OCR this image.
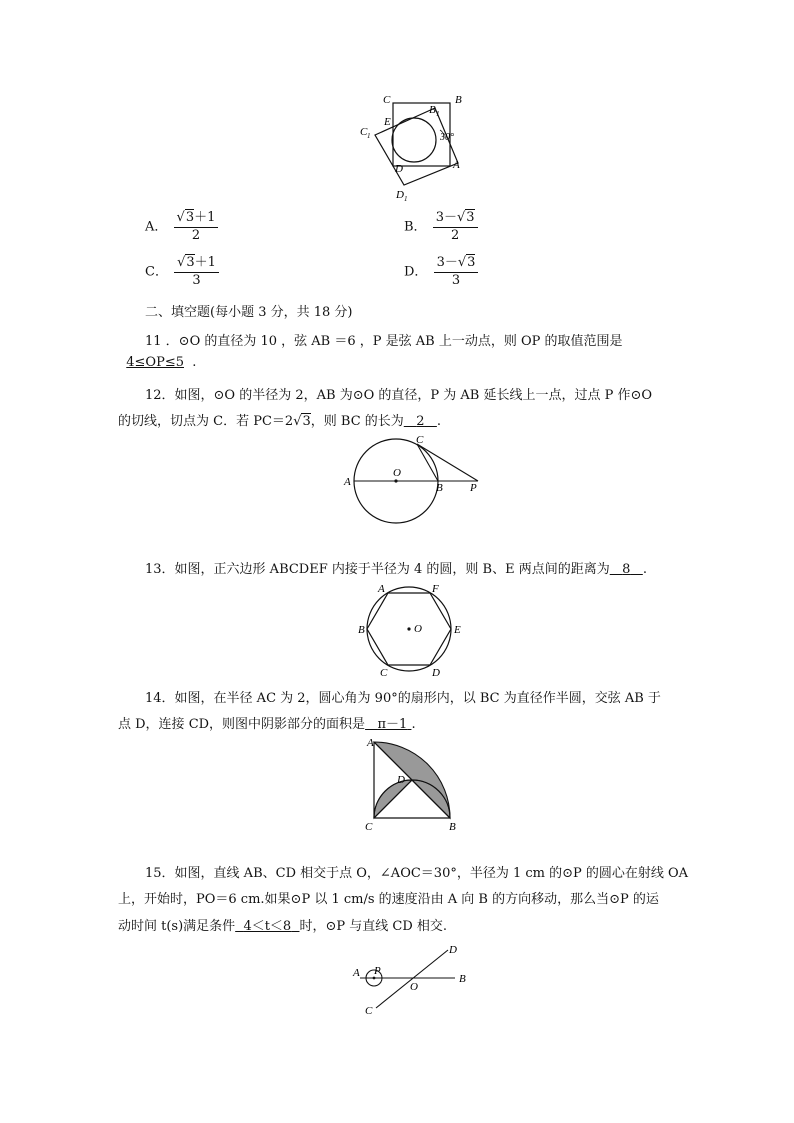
C	B
B 1
E
30°
C 1
D	A
D 1
A． $\frac{√3+1}{2}$	B． $\frac{3-√3}{2}$
C． $\frac{√3+1}{3}$	D． $\frac{3-√3}{3}$
二、填空题(每小题 3 分，共 18 分)
11 ．⊙O 的直径为 10 ，弦 AB ＝6 ，P 是弦 AB 上一动点，则 OP 的取值范围是
4≤OP≤5 .
12．如图，⊙O 的半径为 2，AB 为⊙O 的直径，P 为 AB 延长线上一点，过点 P 作⊙O
的切线，切点为 C．若 PC＝2√3，则 BC 的长为 2 .
A
O
B
C
P
13．如图，正六边形 ABCDEF 内接于半径为 4 的圆，则 B、E 两点间的距离为 8 .
A	F
B	E
C	D
O
14．如图，在半径 AC 为 2，圆心角为 90°的扇形内，以 BC 为直径作半圆，交弦 AB 于
点 D，连接 CD，则图中阴影部分的面积是 π－1 .
A
D
C	B
15．如图，直线 AB、CD 相交于点 O，∠AOC＝30°，半径为 1 cm 的⊙P 的圆心在射线 OA
上，开始时，PO＝6 cm.如果⊙P 以 1 cm/s 的速度沿由 A 向 B 的方向移动，那么当⊙P 的运
动时间 t(s)满足条件 4＜t＜8 时，⊙P 与直线 CD 相交.
A P
O
B
C
D
